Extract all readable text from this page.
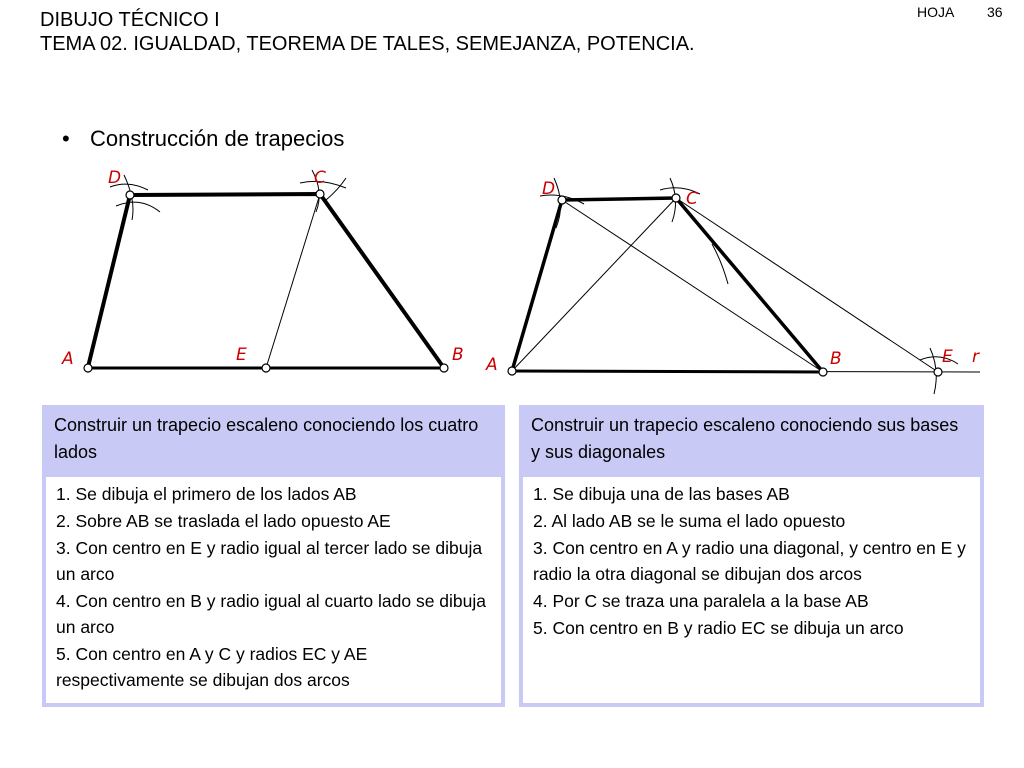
DIBUJO TÉCNICO I
TEMA 02. IGUALDAD, TEOREMA DE TALES, SEMEJANZA, POTENCIA.
HOJA 36
• Construcción de trapecios
A	E	B
D	C
A	B	E r
D	C
Construir un trapecio escaleno conociendo los cuatro lados
1. Se dibuja el primero de los lados AB
2. Sobre AB se traslada el lado opuesto AE
3. Con centro en E y radio igual al tercer lado se dibuja un arco
4. Con centro en B y radio igual al cuarto lado se dibuja un arco
5. Con centro en A y C y radios EC y AE respectivamente se dibujan dos arcos
Construir un trapecio escaleno conociendo sus bases y sus diagonales
1. Se dibuja una de las bases AB
2. Al lado AB se le suma el lado opuesto
3. Con centro en A y radio una diagonal, y centro en E y radio la otra diagonal se dibujan dos arcos
4. Por C se traza una paralela a la base AB
5. Con centro en B y radio EC se dibuja un arco
